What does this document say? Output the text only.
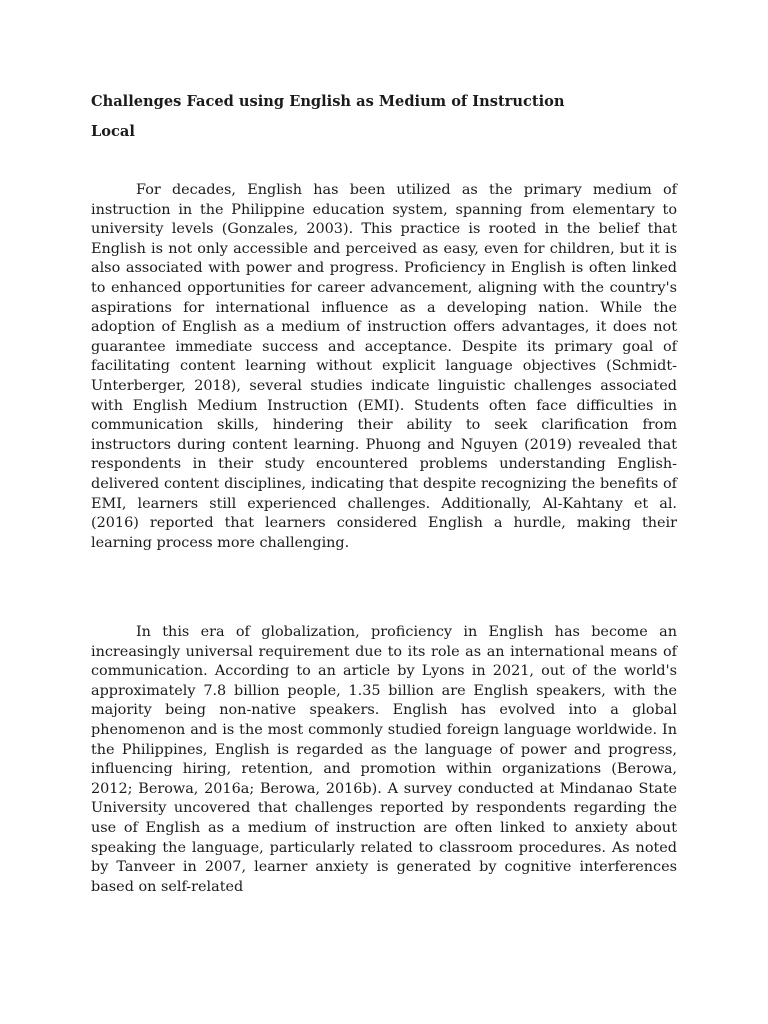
Challenges Faced using English as Medium of Instruction
Local

For decades, English has been utilized as the primary medium of instruction in the Philippine education system, spanning from elementary to university levels (Gonzales, 2003). This practice is rooted in the belief that English is not only accessible and perceived as easy, even for children, but it is also associated with power and progress. Proficiency in English is often linked to enhanced opportunities for career advancement, aligning with the country's aspirations for international influence as a developing nation. While the adoption of English as a medium of instruction offers advantages, it does not guarantee immediate success and acceptance. Despite its primary goal of facilitating content learning without explicit language objectives (Schmidt-Unterberger, 2018), several studies indicate linguistic challenges associated with English Medium Instruction (EMI). Students often face difficulties in communication skills, hindering their ability to seek clarification from instructors during content learning. Phuong and Nguyen (2019) revealed that respondents in their study encountered problems understanding English-delivered content disciplines, indicating that despite recognizing the benefits of EMI, learners still experienced challenges. Additionally, Al-Kahtany et al. (2016) reported that learners considered English a hurdle, making their learning process more challenging.

In this era of globalization, proficiency in English has become an increasingly universal requirement due to its role as an international means of communication. According to an article by Lyons in 2021, out of the world's approximately 7.8 billion people, 1.35 billion are English speakers, with the majority being non-native speakers. English has evolved into a global phenomenon and is the most commonly studied foreign language worldwide. In the Philippines, English is regarded as the language of power and progress, influencing hiring, retention, and promotion within organizations (Berowa, 2012; Berowa, 2016a; Berowa, 2016b). A survey conducted at Mindanao State University uncovered that challenges reported by respondents regarding the use of English as a medium of instruction are often linked to anxiety about speaking the language, particularly related to classroom procedures. As noted by Tanveer in 2007, learner anxiety is generated by cognitive interferences based on self-related
